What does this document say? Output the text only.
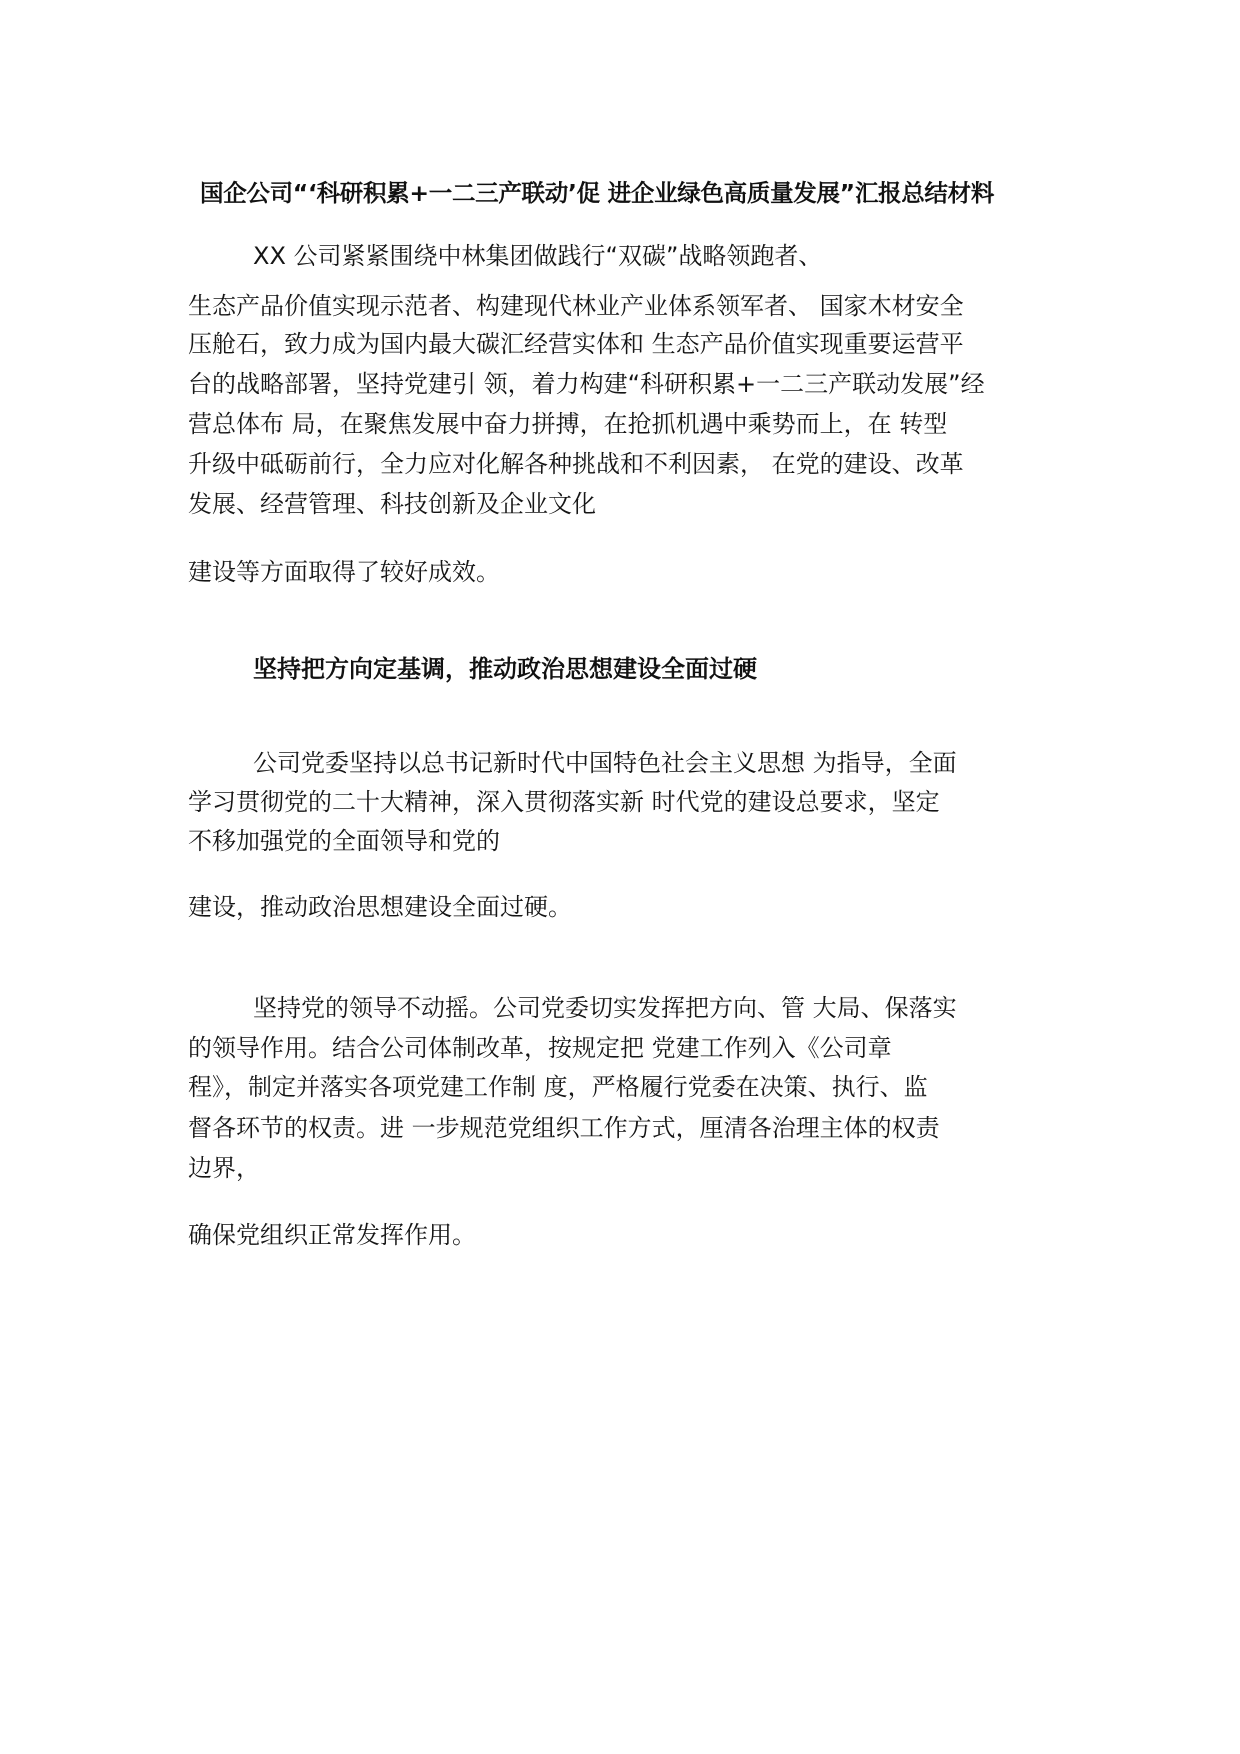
国企公司“‘科研积累+一二三产联动’促 进企业绿色高质量发展”汇报总结材料
XX 公司紧紧围绕中林集团做践行“双碳”战略领跑者、
生态产品价值实现示范者、构建现代林业产业体系领军者、 国家木材安全
压舱石，致力成为国内最大碳汇经营实体和 生态产品价值实现重要运营平
台的战略部署，坚持党建引 领，着力构建“科研积累+一二三产联动发展”经
营总体布 局，在聚焦发展中奋力拼搏，在抢抓机遇中乘势而上，在 转型
升级中砥砺前行，全力应对化解各种挑战和不利因素， 在党的建设、改革
发展、经营管理、科技创新及企业文化
建设等方面取得了较好成效。
坚持把方向定基调，推动政治思想建设全面过硬
公司党委坚持以总书记新时代中国特色社会主义思想 为指导，全面
学习贯彻党的二十大精神，深入贯彻落实新 时代党的建设总要求，坚定
不移加强党的全面领导和党的
建设，推动政治思想建设全面过硬。
坚持党的领导不动摇。公司党委切实发挥把方向、管 大局、保落实
的领导作用。结合公司体制改革，按规定把 党建工作列入《公司章
程》，制定并落实各项党建工作制 度，严格履行党委在决策、执行、监
督各环节的权责。进 一步规范党组织工作方式，厘清各治理主体的权责
边界，
确保党组织正常发挥作用。
